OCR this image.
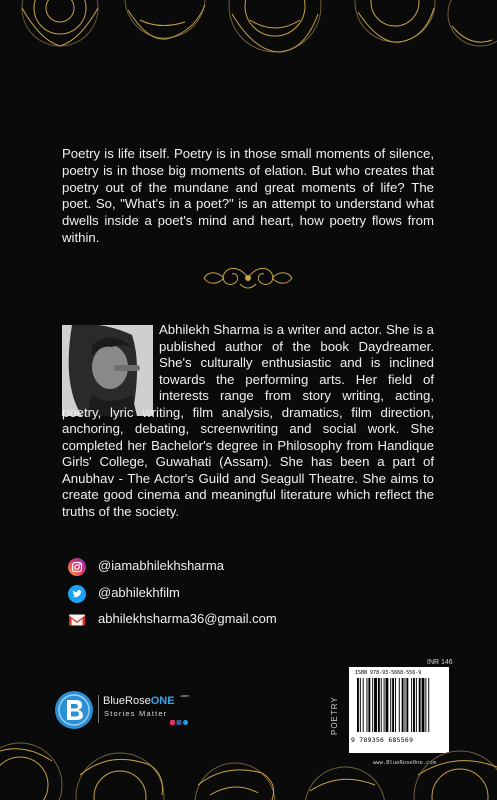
Poetry is life itself. Poetry is in those small moments of silence, poetry is in those big moments of elation. But who creates that poetry out of the mundane and great moments of life? The poet. So, "What's in a poet?" is an attempt to understand what dwells inside a poet's mind and heart, how poetry flows from within.

Abhilekh Sharma is a writer and actor. She is a published author of the book Daydreamer. She's culturally enthusiastic and is inclined towards the performing arts. Her field of interests range from story writing, acting, poetry, lyric writing, film analysis, dramatics, film direction, anchoring, debating, screenwriting and social work. She completed her Bachelor's degree in Philosophy from Handique Girls' College, Guwahati (Assam). She has been a part of Anubhav - The Actor's Guild and Seagull Theatre. She aims to create good cinema and meaningful literature which reflect the truths of the society.

@iamabhilekhsharma
@abhilekhfilm
abhilekhsharma36@gmail.com
BlueRoseONE .com
Stories Matter
INR 146
POETRY
ISBN 978-93-5668-556-9
9 789356 685569
www.BlueRoseOne.com
